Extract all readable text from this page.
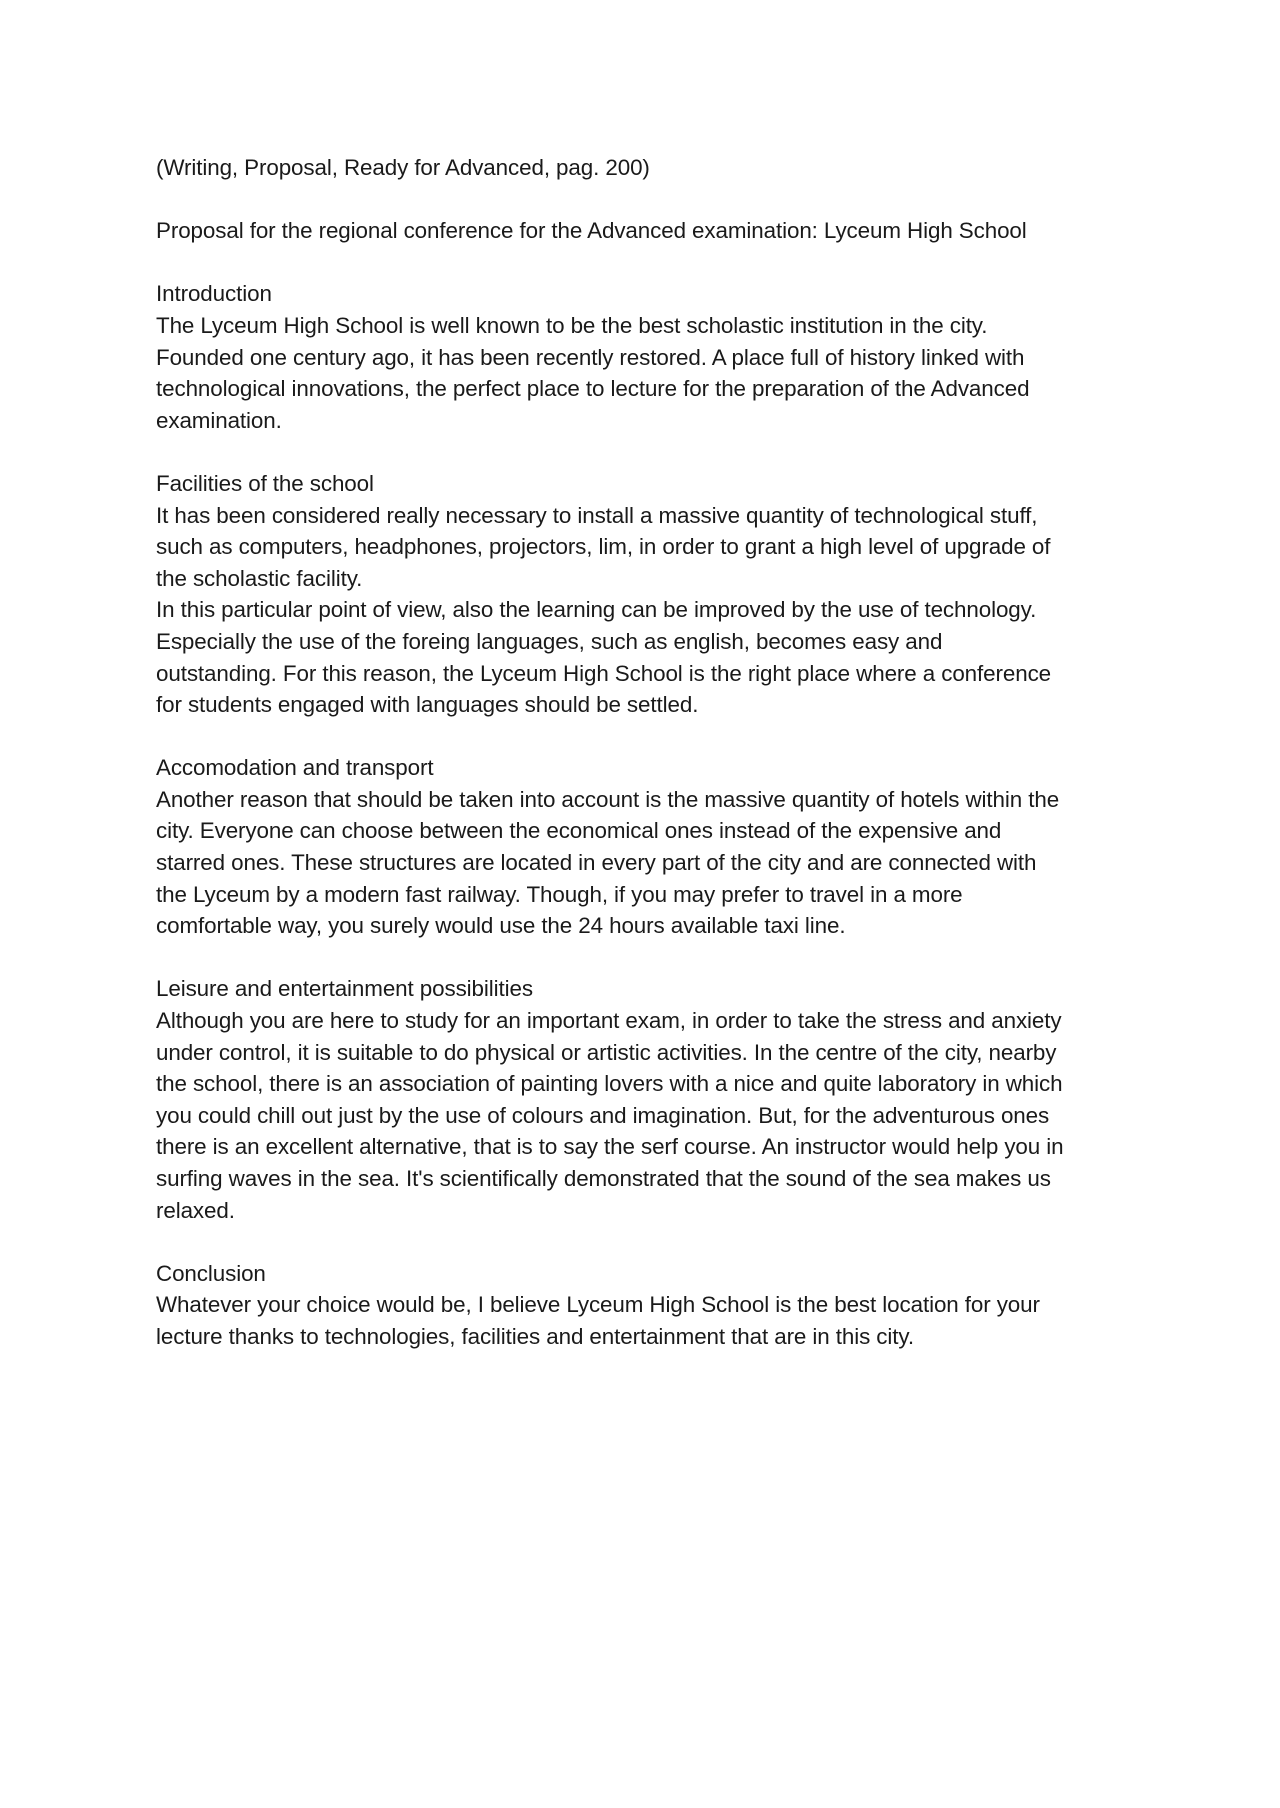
(Writing, Proposal, Ready for Advanced, pag. 200)

Proposal for the regional conference for the Advanced examination: Lyceum High School

Introduction
The Lyceum High School is well known to be the best scholastic institution in the city.
Founded one century ago, it has been recently restored. A place full of history linked with
technological innovations, the perfect place to lecture for the preparation of the Advanced
examination.
Facilities of the school
It has been considered really necessary to install a massive quantity of technological stuff,
such as computers, headphones, projectors, lim, in order to grant a high level of upgrade of
the scholastic facility.
In this particular point of view, also the learning can be improved by the use of technology.
Especially the use of the foreing languages, such as english, becomes easy and
outstanding. For this reason, the Lyceum High School is the right place where a conference
for students engaged with languages should be settled.
Accomodation and transport
Another reason that should be taken into account is the massive quantity of hotels within the
city. Everyone can choose between the economical ones instead of the expensive and
starred ones. These structures are located in every part of the city and are connected with
the Lyceum by a modern fast railway. Though, if you may prefer to travel in a more
comfortable way, you surely would use the 24 hours available taxi line.
Leisure and entertainment possibilities
Although you are here to study for an important exam, in order to take the stress and anxiety
under control, it is suitable to do physical or artistic activities. In the centre of the city, nearby
the school, there is an association of painting lovers with a nice and quite laboratory in which
you could chill out just by the use of colours and imagination. But, for the adventurous ones
there is an excellent alternative, that is to say the serf course. An instructor would help you in
surfing waves in the sea. It's scientifically demonstrated that the sound of the sea makes us
relaxed.
Conclusion
Whatever your choice would be, I believe Lyceum High School is the best location for your
lecture thanks to technologies, facilities and entertainment that are in this city.
